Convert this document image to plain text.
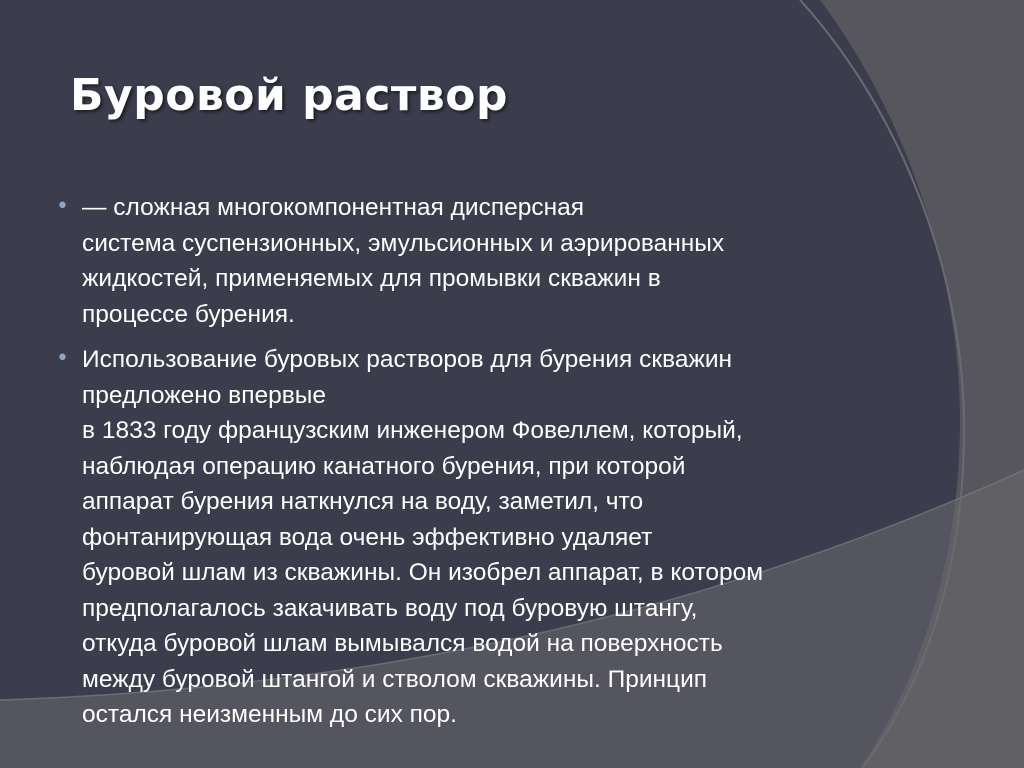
Буровой раствор
• — сложная многокомпонентная дисперсная
система суспензионных, эмульсионных и аэрированных
жидкостей, применяемых для промывки скважин в
процессе бурения.

• Использование буровых растворов для бурения скважин
предложено впервые
в 1833 году французским инженером Фовеллем, который,
наблюдая операцию канатного бурения, при которой
аппарат бурения наткнулся на воду, заметил, что
фонтанирующая вода очень эффективно удаляет
буровой шлам из скважины. Он изобрел аппарат, в котором
предполагалось закачивать воду под буровую штангу,
откуда буровой шлам вымывался водой на поверхность
между буровой штангой и стволом скважины. Принцип
остался неизменным до сих пор.
